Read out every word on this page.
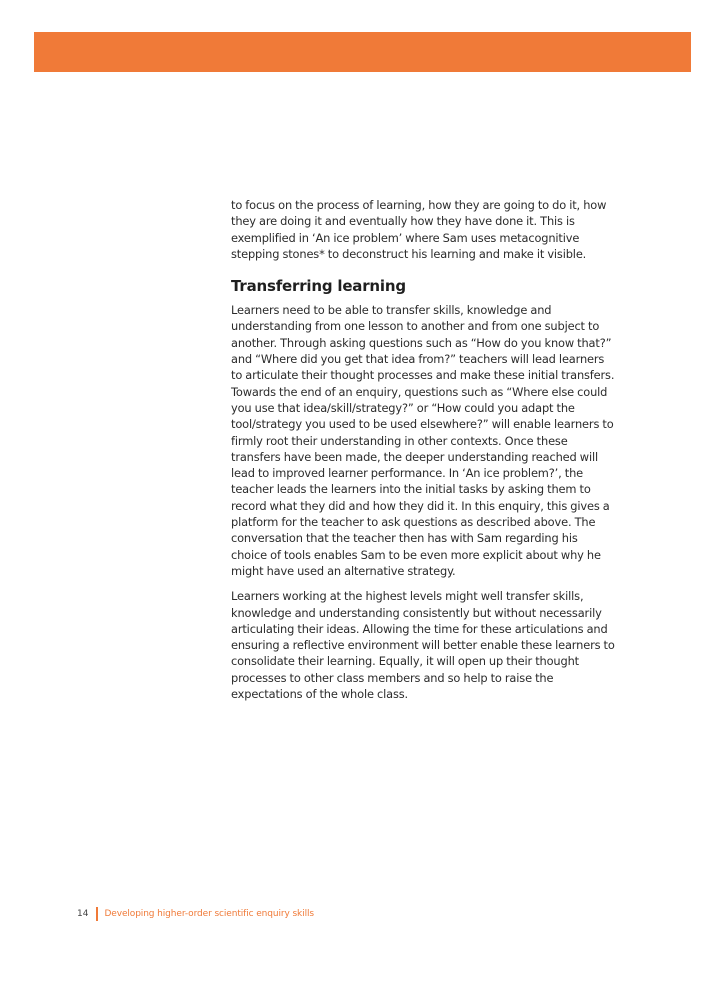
to focus on the process of learning, how they are going to do it, how they are doing it and eventually how they have done it. This is exemplified in ‘An ice problem’ where Sam uses metacognitive stepping stones* to deconstruct his learning and make it visible.

Transferring learning

Learners need to be able to transfer skills, knowledge and understanding from one lesson to another and from one subject to another. Through asking questions such as “How do you know that?” and “Where did you get that idea from?” teachers will lead learners to articulate their thought processes and make these initial transfers. Towards the end of an enquiry, questions such as “Where else could you use that idea/skill/strategy?” or “How could you adapt the tool/strategy you used to be used elsewhere?” will enable learners to firmly root their understanding in other contexts. Once these transfers have been made, the deeper understanding reached will lead to improved learner performance. In ‘An ice problem?’, the teacher leads the learners into the initial tasks by asking them to record what they did and how they did it. In this enquiry, this gives a platform for the teacher to ask questions as described above. The conversation that the teacher then has with Sam regarding his choice of tools enables Sam to be even more explicit about why he might have used an alternative strategy.

Learners working at the highest levels might well transfer skills, knowledge and understanding consistently but without necessarily articulating their ideas. Allowing the time for these articulations and ensuring a reflective environment will better enable these learners to consolidate their learning. Equally, it will open up their thought processes to other class members and so help to raise the expectations of the whole class.

14 Developing higher-order scientific enquiry skills
